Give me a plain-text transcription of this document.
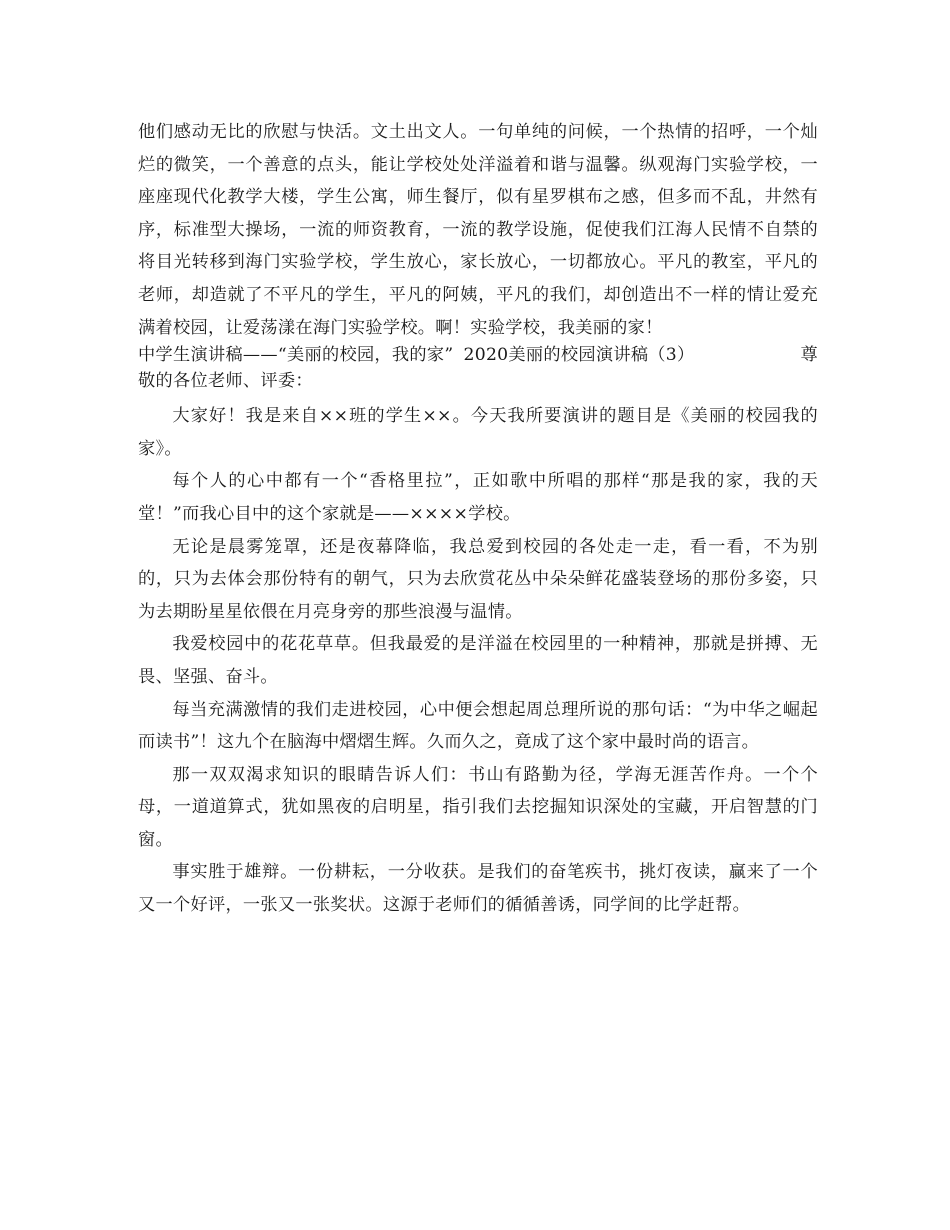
他们感动无比的欣慰与快活。文土出文人。一句单纯的问候，一个热情的招呼，一个灿烂的微笑，一个善意的点头，能让学校处处洋溢着和谐与温馨。纵观海门实验学校，一座座现代化教学大楼，学生公寓，师生餐厅，似有星罗棋布之感，但多而不乱，井然有序，标准型大操场，一流的师资教育，一流的教学设施，促使我们江海人民情不自禁的将目光转移到海门实验学校，学生放心，家长放心，一切都放心。平凡的教室，平凡的老师，却造就了不平凡的学生，平凡的阿姨，平凡的我们，却创造出不一样的情让爱充满着校园，让爱荡漾在海门实验学校。啊！实验学校，我美丽的家！

中学生演讲稿——“美丽的校园，我的家” 2020美丽的校园演讲稿（3）	尊

敬的各位老师、评委：

大家好！我是来自××班的学生××。今天我所要演讲的题目是《美丽的校园我的家》。

每个人的心中都有一个“香格里拉”，正如歌中所唱的那样“那是我的家，我的天堂！”而我心目中的这个家就是——××××学校。

无论是晨雾笼罩，还是夜幕降临，我总爱到校园的各处走一走，看一看，不为别的，只为去体会那份特有的朝气，只为去欣赏花丛中朵朵鲜花盛装登场的那份多姿，只为去期盼星星依偎在月亮身旁的那些浪漫与温情。

我爱校园中的花花草草。但我最爱的是洋溢在校园里的一种精神，那就是拼搏、无畏、坚强、奋斗。

每当充满激情的我们走进校园，心中便会想起周总理所说的那句话：“为中华之崛起而读书”！这九个在脑海中熠熠生辉。久而久之，竟成了这个家中最时尚的语言。

那一双双渴求知识的眼睛告诉人们：书山有路勤为径，学海无涯苦作舟。一个个母，一道道算式，犹如黑夜的启明星，指引我们去挖掘知识深处的宝藏，开启智慧的门窗。

事实胜于雄辩。一份耕耘，一分收获。是我们的奋笔疾书，挑灯夜读，赢来了一个又一个好评，一张又一张奖状。这源于老师们的循循善诱，同学间的比学赶帮。
